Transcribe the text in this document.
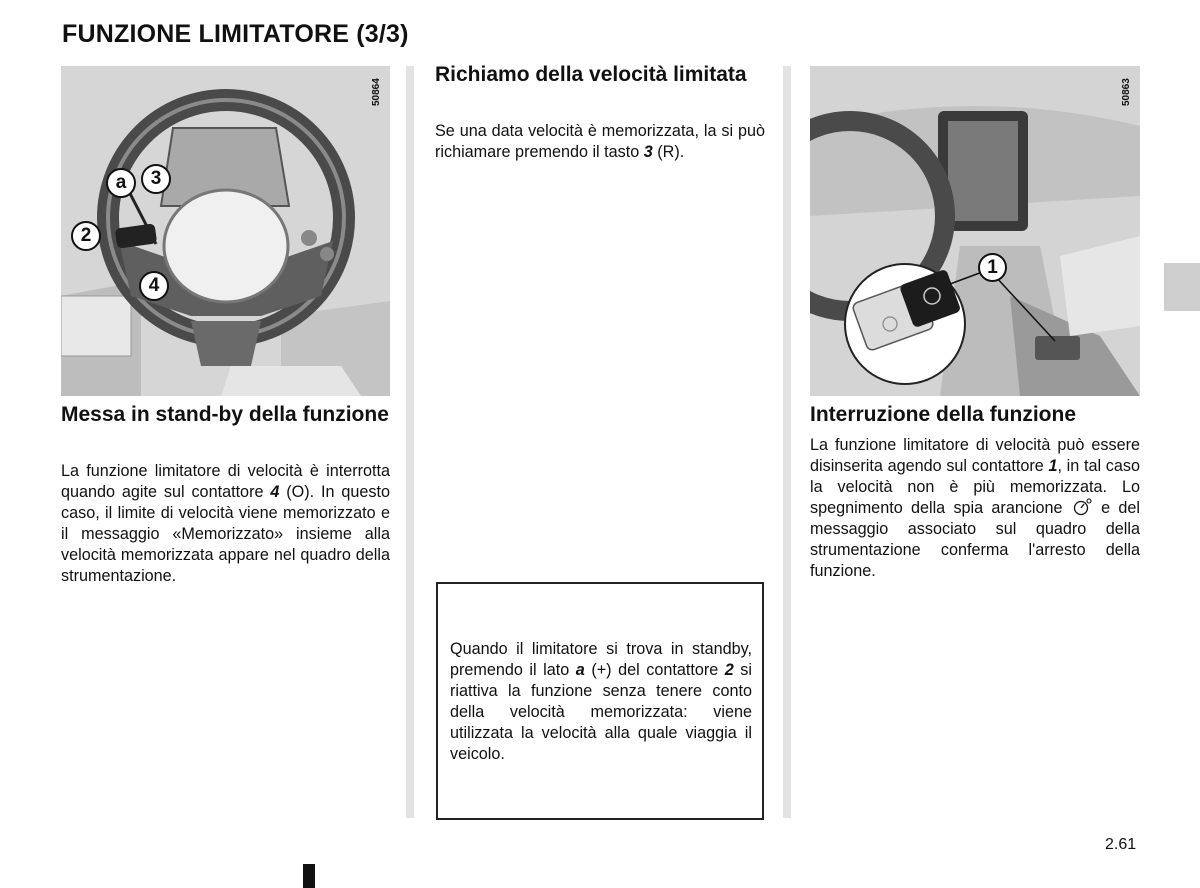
FUNZIONE LIMITATORE (3/3)
50864
a	3
2
4
Messa in stand-by della funzione

La funzione limitatore di velocità è interrotta quando agite sul contattore 4 (O). In questo caso, il limite di velocità viene memorizzato e il messaggio «Memorizzato» insieme alla velocità memorizzata appare nel quadro della strumentazione.

Richiamo della velocità limitata

Se una data velocità è memorizzata, la si può richiamare premendo il tasto 3 (R).

Quando il limitatore si trova in standby, premendo il lato a (+) del contattore 2 si riattiva la funzione senza tenere conto della velocità memorizzata: viene utilizzata la velocità alla quale viaggia il veicolo.

50863
1
Interruzione della funzione

La funzione limitatore di velocità può essere disinserita agendo sul contattore 1, in tal caso la velocità non è più memorizzata. Lo spegnimento della spia arancione  e del messaggio associato sul quadro della strumentazione conferma l'arresto della funzione.

2.61
